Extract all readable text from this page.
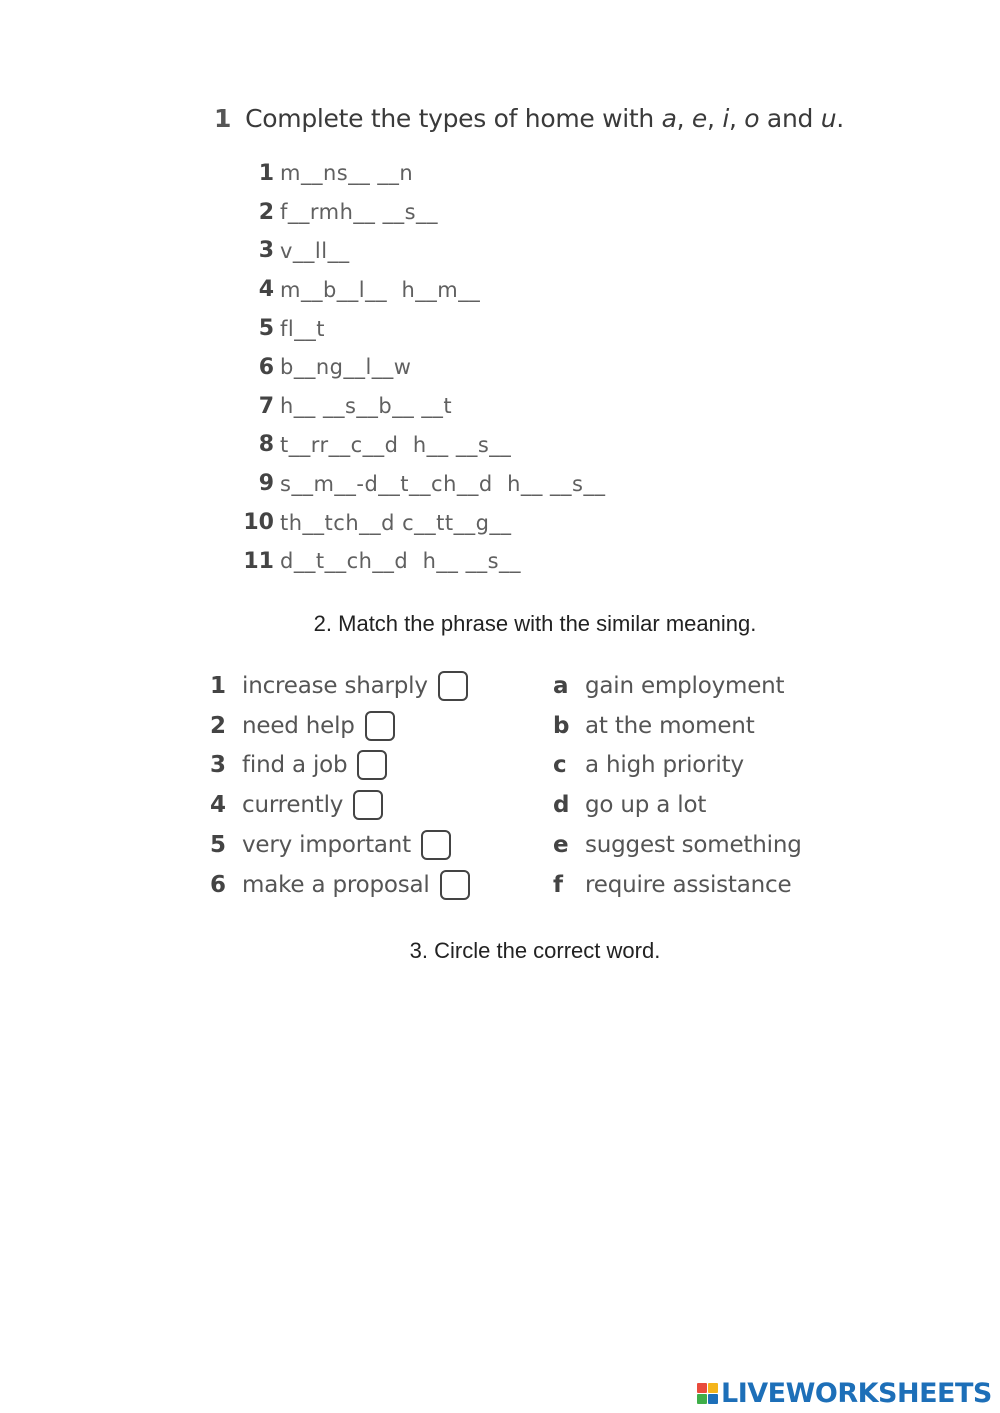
1 Complete the types of home with a, e, i, o and u.
1 m__ns__ __n
2 f__rmh__ __s__
3 v__ll__
4 m__b__l__  h__m__
5 fl__t
6 b__ng__l__w
7 h__ __s__b__ __t
8 t__rr__c__d  h__ __s__
9 s__m__-d__t__ch__d  h__ __s__
10 th__tch__d c__tt__g__
11 d__t__ch__d  h__ __s__
2. Match the phrase with the similar meaning.
1 increase sharply
2 need help
3 find a job
4 currently
5 very important
6 make a proposal
a gain employment
b at the moment
c a high priority
d go up a lot
e suggest something
f require assistance
3. Circle the correct word.
LIVEWORKSHEETS
